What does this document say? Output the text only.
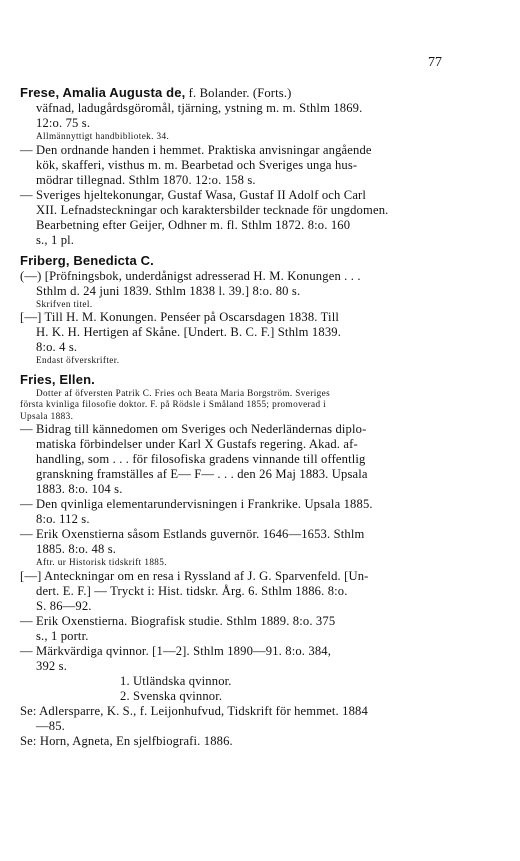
77
Frese, Amalia Augusta de, f. Bolander. (Forts.)
väfnad, ladugårdsgöromål, tjärning, ystning m. m. Sthlm 1869.
12:o. 75 s.
Allmännyttigt handbibliotek. 34.
— Den ordnande handen i hemmet. Praktiska anvisningar angående
kök, skafferi, visthus m. m. Bearbetad och Sveriges unga hus-
mödrar tillegnad. Sthlm 1870. 12:o. 158 s.
— Sveriges hjeltekonungar, Gustaf Wasa, Gustaf II Adolf och Carl
XII. Lefnadsteckningar och karaktersbilder tecknade för ungdomen.
Bearbetning efter Geijer, Odhner m. fl. Sthlm 1872. 8:o. 160
s., 1 pl.
Friberg, Benedicta C.
(—) [Pröfningsbok, underdånigst adresserad H. M. Konungen . . .
Sthlm d. 24 juni 1839. Sthlm 1838 l. 39.] 8:o. 80 s.
Skrifven titel.
[—] Till H. M. Konungen. Penséer på Oscarsdagen 1838. Till
H. K. H. Hertigen af Skåne. [Undert. B. C. F.] Sthlm 1839.
8:o. 4 s.
Endast öfverskrifter.
Fries, Ellen.
Dotter af öfversten Patrik C. Fries och Beata Maria Borgström. Sveriges
första kvinliga filosofie doktor. F. på Rödsle i Småland 1855; promoverad i
Upsala 1883.
— Bidrag till kännedomen om Sveriges och Nederländernas diplo-
matiska förbindelser under Karl X Gustafs regering. Akad. af-
handling, som . . . för filosofiska gradens vinnande till offentlig
granskning framställes af E— F— . . . den 26 Maj 1883. Upsala
1883. 8:o. 104 s.
— Den qvinliga elementarundervisningen i Frankrike. Upsala 1885.
8:o. 112 s.
— Erik Oxenstierna såsom Estlands guvernör. 1646—1653. Sthlm
1885. 8:o. 48 s.
Aftr. ur Historisk tidskrift 1885.
[—] Anteckningar om en resa i Ryssland af J. G. Sparvenfeld. [Un-
dert. E. F.] — Tryckt i: Hist. tidskr. Årg. 6. Sthlm 1886. 8:o.
S. 86—92.
— Erik Oxenstierna. Biografisk studie. Sthlm 1889. 8:o. 375
s., 1 portr.
— Märkvärdiga qvinnor. [1—2]. Sthlm 1890—91. 8:o. 384,
392 s.
1. Utländska qvinnor.
2. Svenska qvinnor.
Se: Adlersparre, K. S., f. Leijonhufvud, Tidskrift för hemmet. 1884
—85.
Se: Horn, Agneta, En sjelfbiografi. 1886.
